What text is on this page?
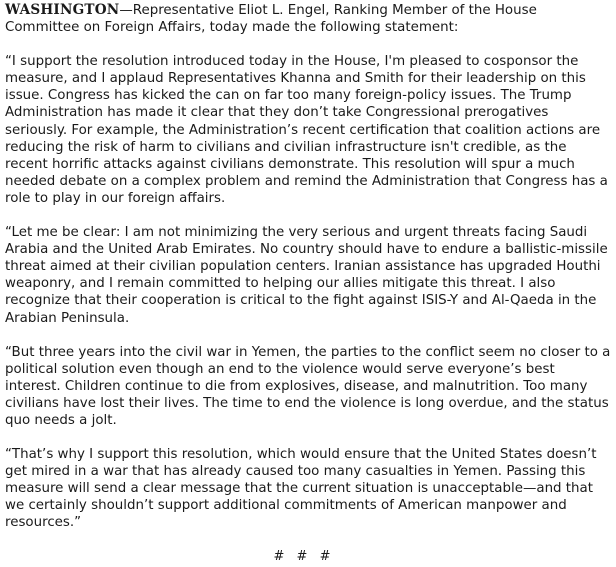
WASHINGTON—Representative Eliot L. Engel, Ranking Member of the House Committee on Foreign Affairs, today made the following statement:

“I support the resolution introduced today in the House, I'm pleased to cosponsor the measure, and I applaud Representatives Khanna and Smith for their leadership on this issue. Congress has kicked the can on far too many foreign-policy issues. The Trump Administration has made it clear that they don’t take Congressional prerogatives seriously. For example, the Administration’s recent certification that coalition actions are reducing the risk of harm to civilians and civilian infrastructure isn't credible, as the recent horrific attacks against civilians demonstrate. This resolution will spur a much needed debate on a complex problem and remind the Administration that Congress has a role to play in our foreign affairs.

“Let me be clear: I am not minimizing the very serious and urgent threats facing Saudi Arabia and the United Arab Emirates. No country should have to endure a ballistic-missile threat aimed at their civilian population centers. Iranian assistance has upgraded Houthi weaponry, and I remain committed to helping our allies mitigate this threat. I also recognize that their cooperation is critical to the fight against ISIS-Y and Al-Qaeda in the Arabian Peninsula.

“But three years into the civil war in Yemen, the parties to the conflict seem no closer to a political solution even though an end to the violence would serve everyone’s best interest. Children continue to die from explosives, disease, and malnutrition. Too many civilians have lost their lives. The time to end the violence is long overdue, and the status quo needs a jolt.

“That’s why I support this resolution, which would ensure that the United States doesn’t get mired in a war that has already caused too many casualties in Yemen. Passing this measure will send a clear message that the current situation is unacceptable—and that we certainly shouldn’t support additional commitments of American manpower and resources.”

# # #
